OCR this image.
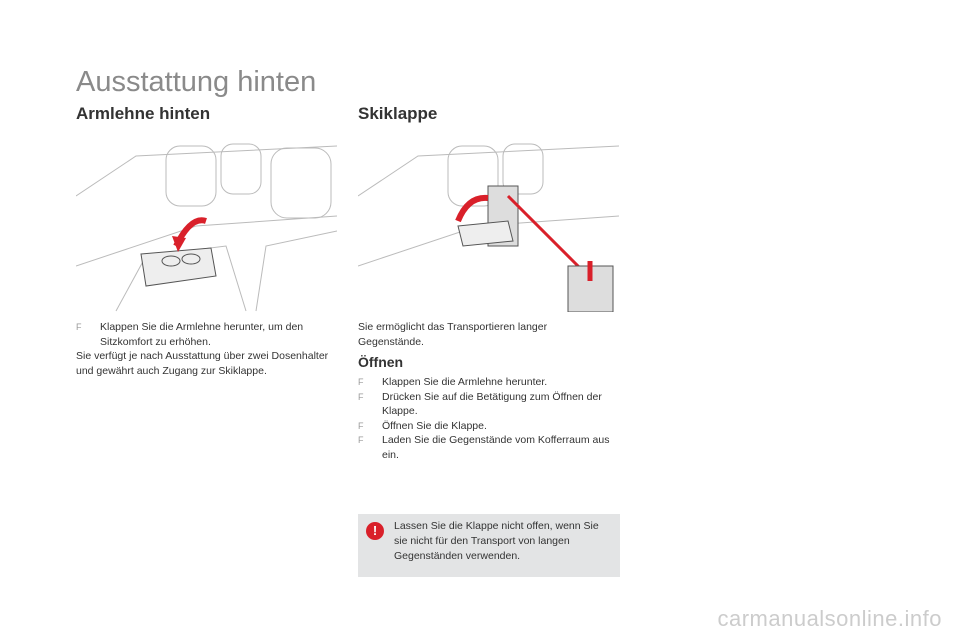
Ausstattung hinten
Armlehne hinten	Skiklappe
F	Klappen Sie die Armlehne herunter, um den Sitzkomfort zu erhöhen.
Sie verfügt je nach Ausstattung über zwei Dosenhalter und gewährt auch Zugang zur Skiklappe.
Sie ermöglicht das Transportieren langer Gegenstände.
Öffnen
F	Klappen Sie die Armlehne herunter.
F	Drücken Sie auf die Betätigung zum Öffnen der Klappe.
F	Öffnen Sie die Klappe.
F	Laden Sie die Gegenstände vom Kofferraum aus ein.
!	Lassen Sie die Klappe nicht offen, wenn Sie sie nicht für den Transport von langen Gegenständen verwenden.
carmanualsonline.info
